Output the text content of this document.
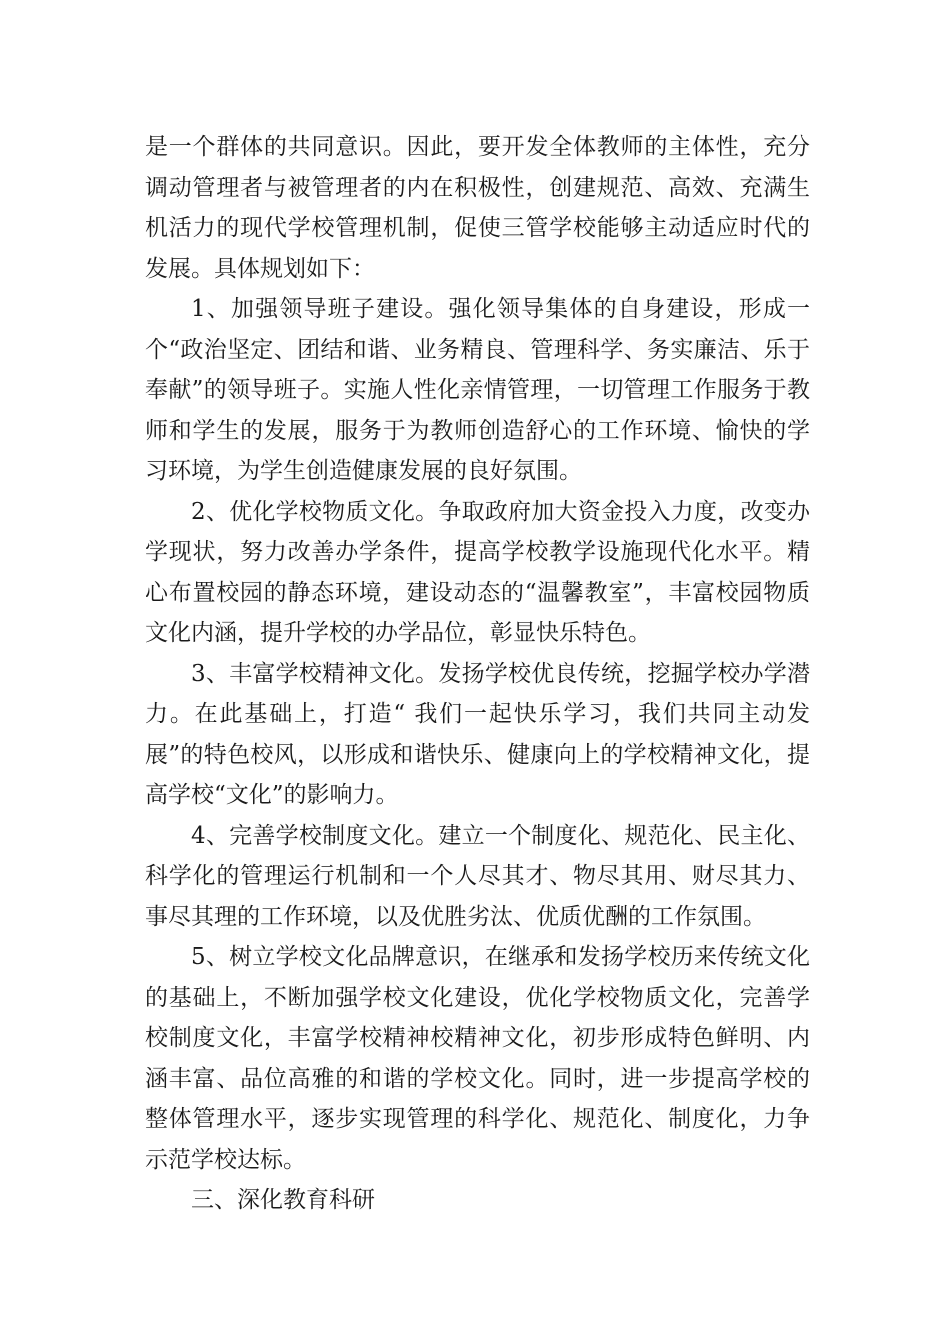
是一个群体的共同意识。因此，要开发全体教师的主体性，充分调动管理者与被管理者的内在积极性，创建规范、高效、充满生机活力的现代学校管理机制，促使三管学校能够主动适应时代的发展。具体规划如下：

1、加强领导班子建设。强化领导集体的自身建设，形成一个“政治坚定、团结和谐、业务精良、管理科学、务实廉洁、乐于奉献”的领导班子。实施人性化亲情管理，一切管理工作服务于教师和学生的发展，服务于为教师创造舒心的工作环境、愉快的学习环境，为学生创造健康发展的良好氛围。

2、优化学校物质文化。争取政府加大资金投入力度，改变办学现状，努力改善办学条件，提高学校教学设施现代化水平。精心布置校园的静态环境，建设动态的“温馨教室”，丰富校园物质文化内涵，提升学校的办学品位，彰显快乐特色。

3、丰富学校精神文化。发扬学校优良传统，挖掘学校办学潜力。在此基础上，打造“ 我们一起快乐学习，我们共同主动发展”的特色校风，以形成和谐快乐、健康向上的学校精神文化，提高学校“文化”的影响力。

4、完善学校制度文化。建立一个制度化、规范化、民主化、科学化的管理运行机制和一个人尽其才、物尽其用、财尽其力、事尽其理的工作环境，以及优胜劣汰、优质优酬的工作氛围。

5、树立学校文化品牌意识，在继承和发扬学校历来传统文化的基础上，不断加强学校文化建设，优化学校物质文化，完善学校制度文化，丰富学校精神校精神文化，初步形成特色鲜明、内涵丰富、品位高雅的和谐的学校文化。同时，进一步提高学校的整体管理水平，逐步实现管理的科学化、规范化、制度化，力争示范学校达标。

三、深化教育科研
